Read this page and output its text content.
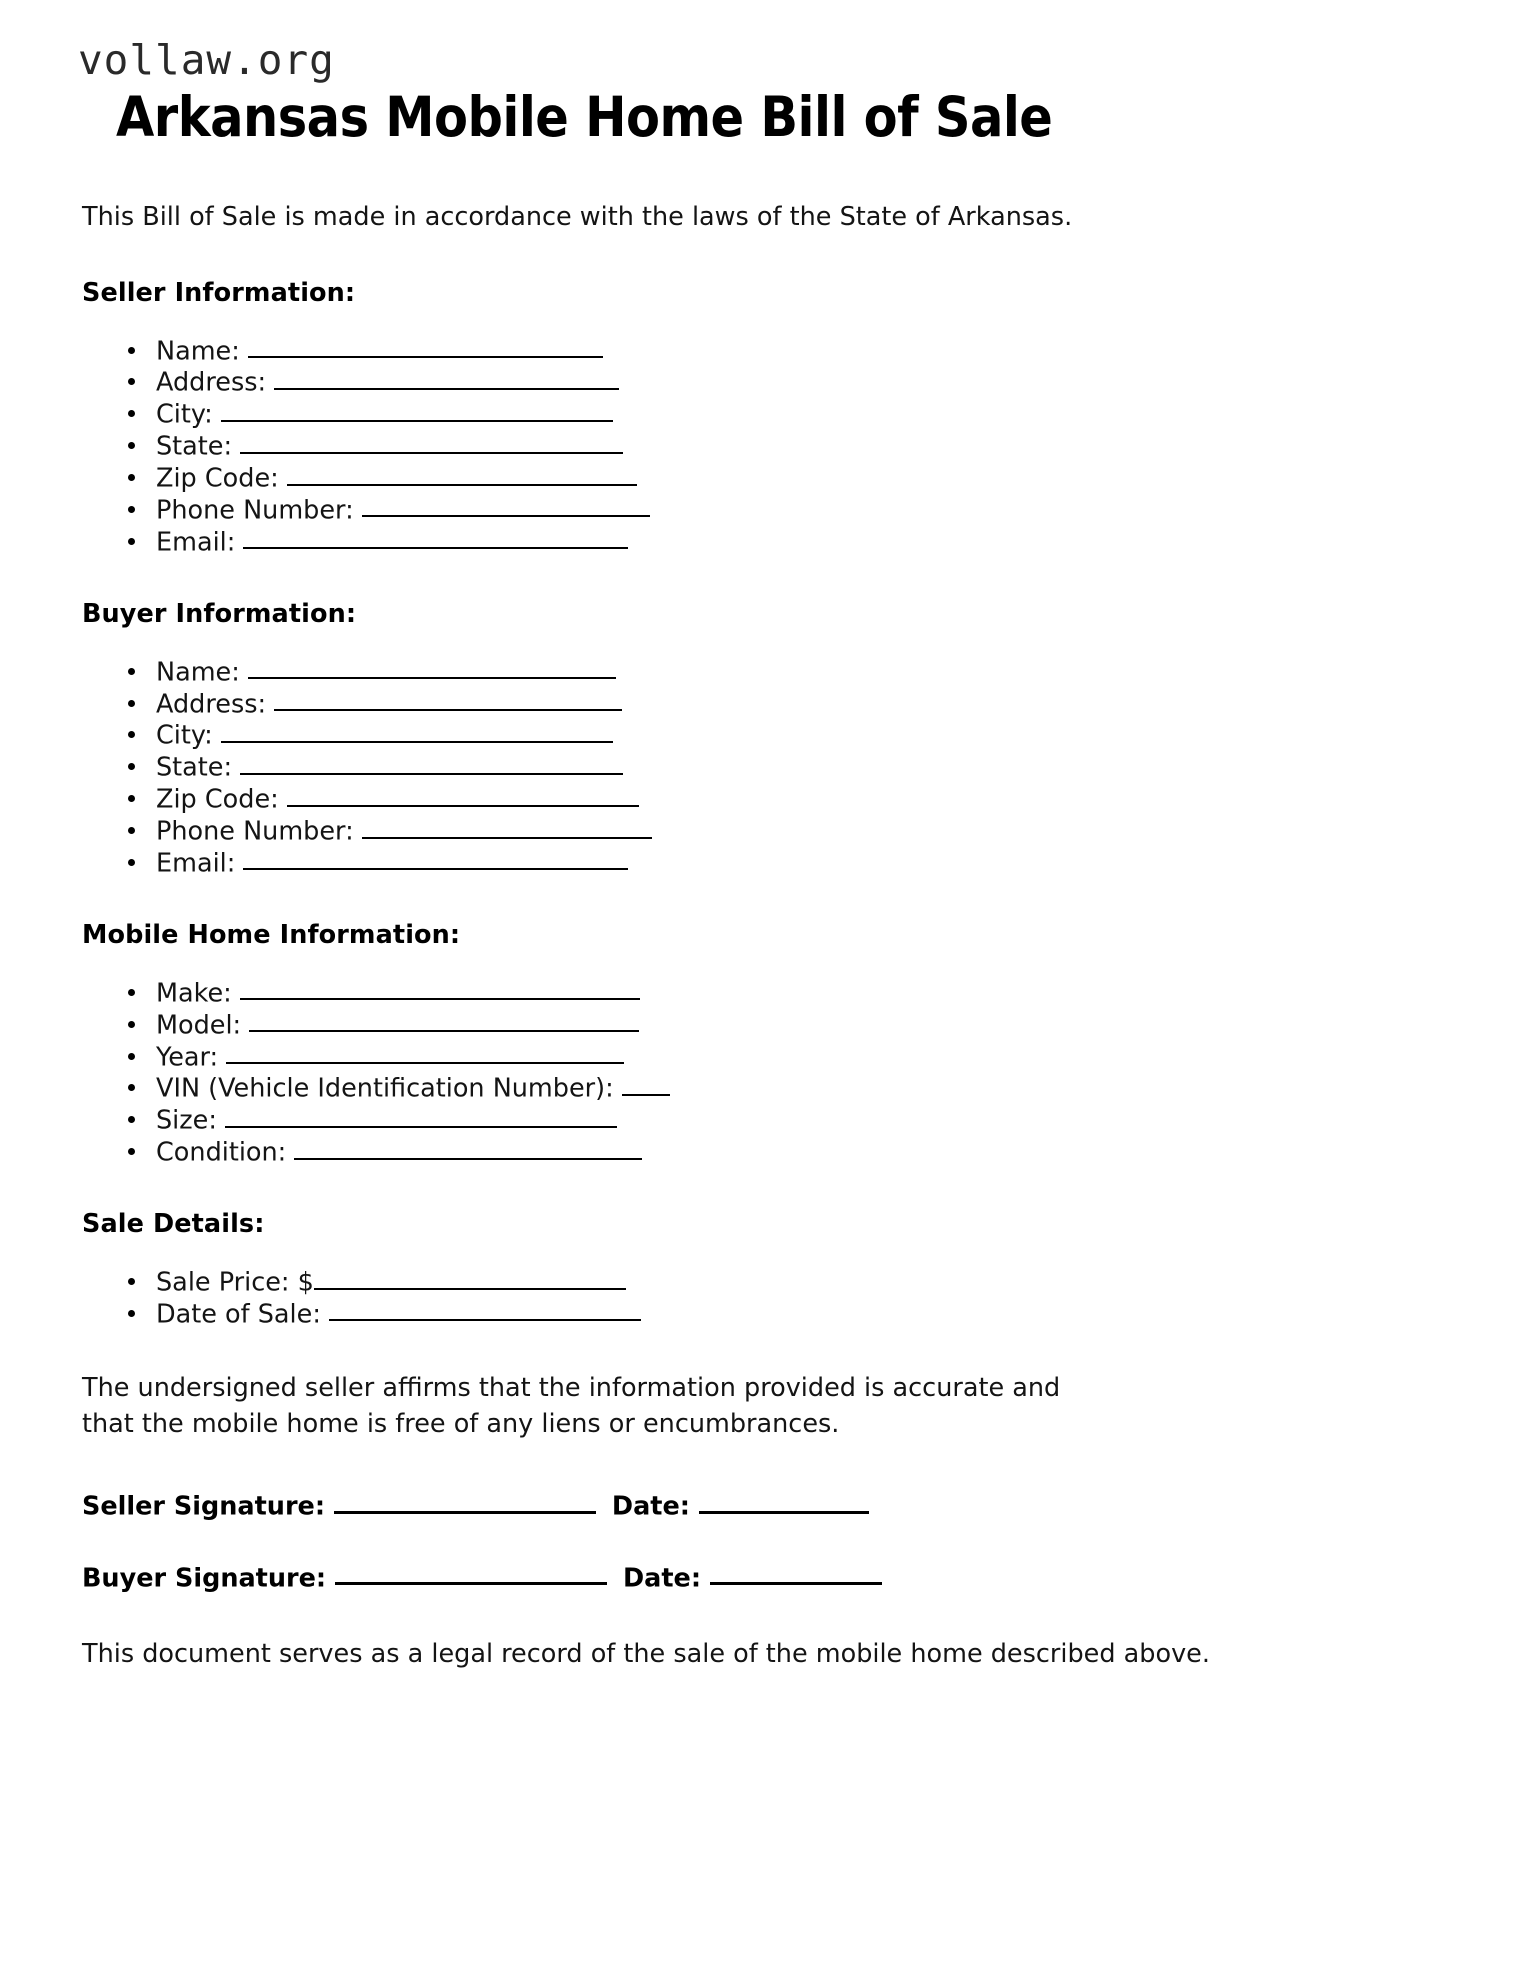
vollaw.org
Arkansas Mobile Home Bill of Sale

This Bill of Sale is made in accordance with the laws of the State of Arkansas.

Seller Information:
Name:
Address:
City:
State:
Zip Code:
Phone Number:
Email:
Buyer Information:
Name:
Address:
City:
State:
Zip Code:
Phone Number:
Email:
Mobile Home Information:
Make:
Model:
Year:
VIN (Vehicle Identification Number):
Size:
Condition:
Sale Details:
Sale Price: $
Date of Sale:

The undersigned seller affirms that the information provided is accurate and that the mobile home is free of any liens or encumbrances.

Seller Signature:	Date:
Buyer Signature:	Date:

This document serves as a legal record of the sale of the mobile home described above.
